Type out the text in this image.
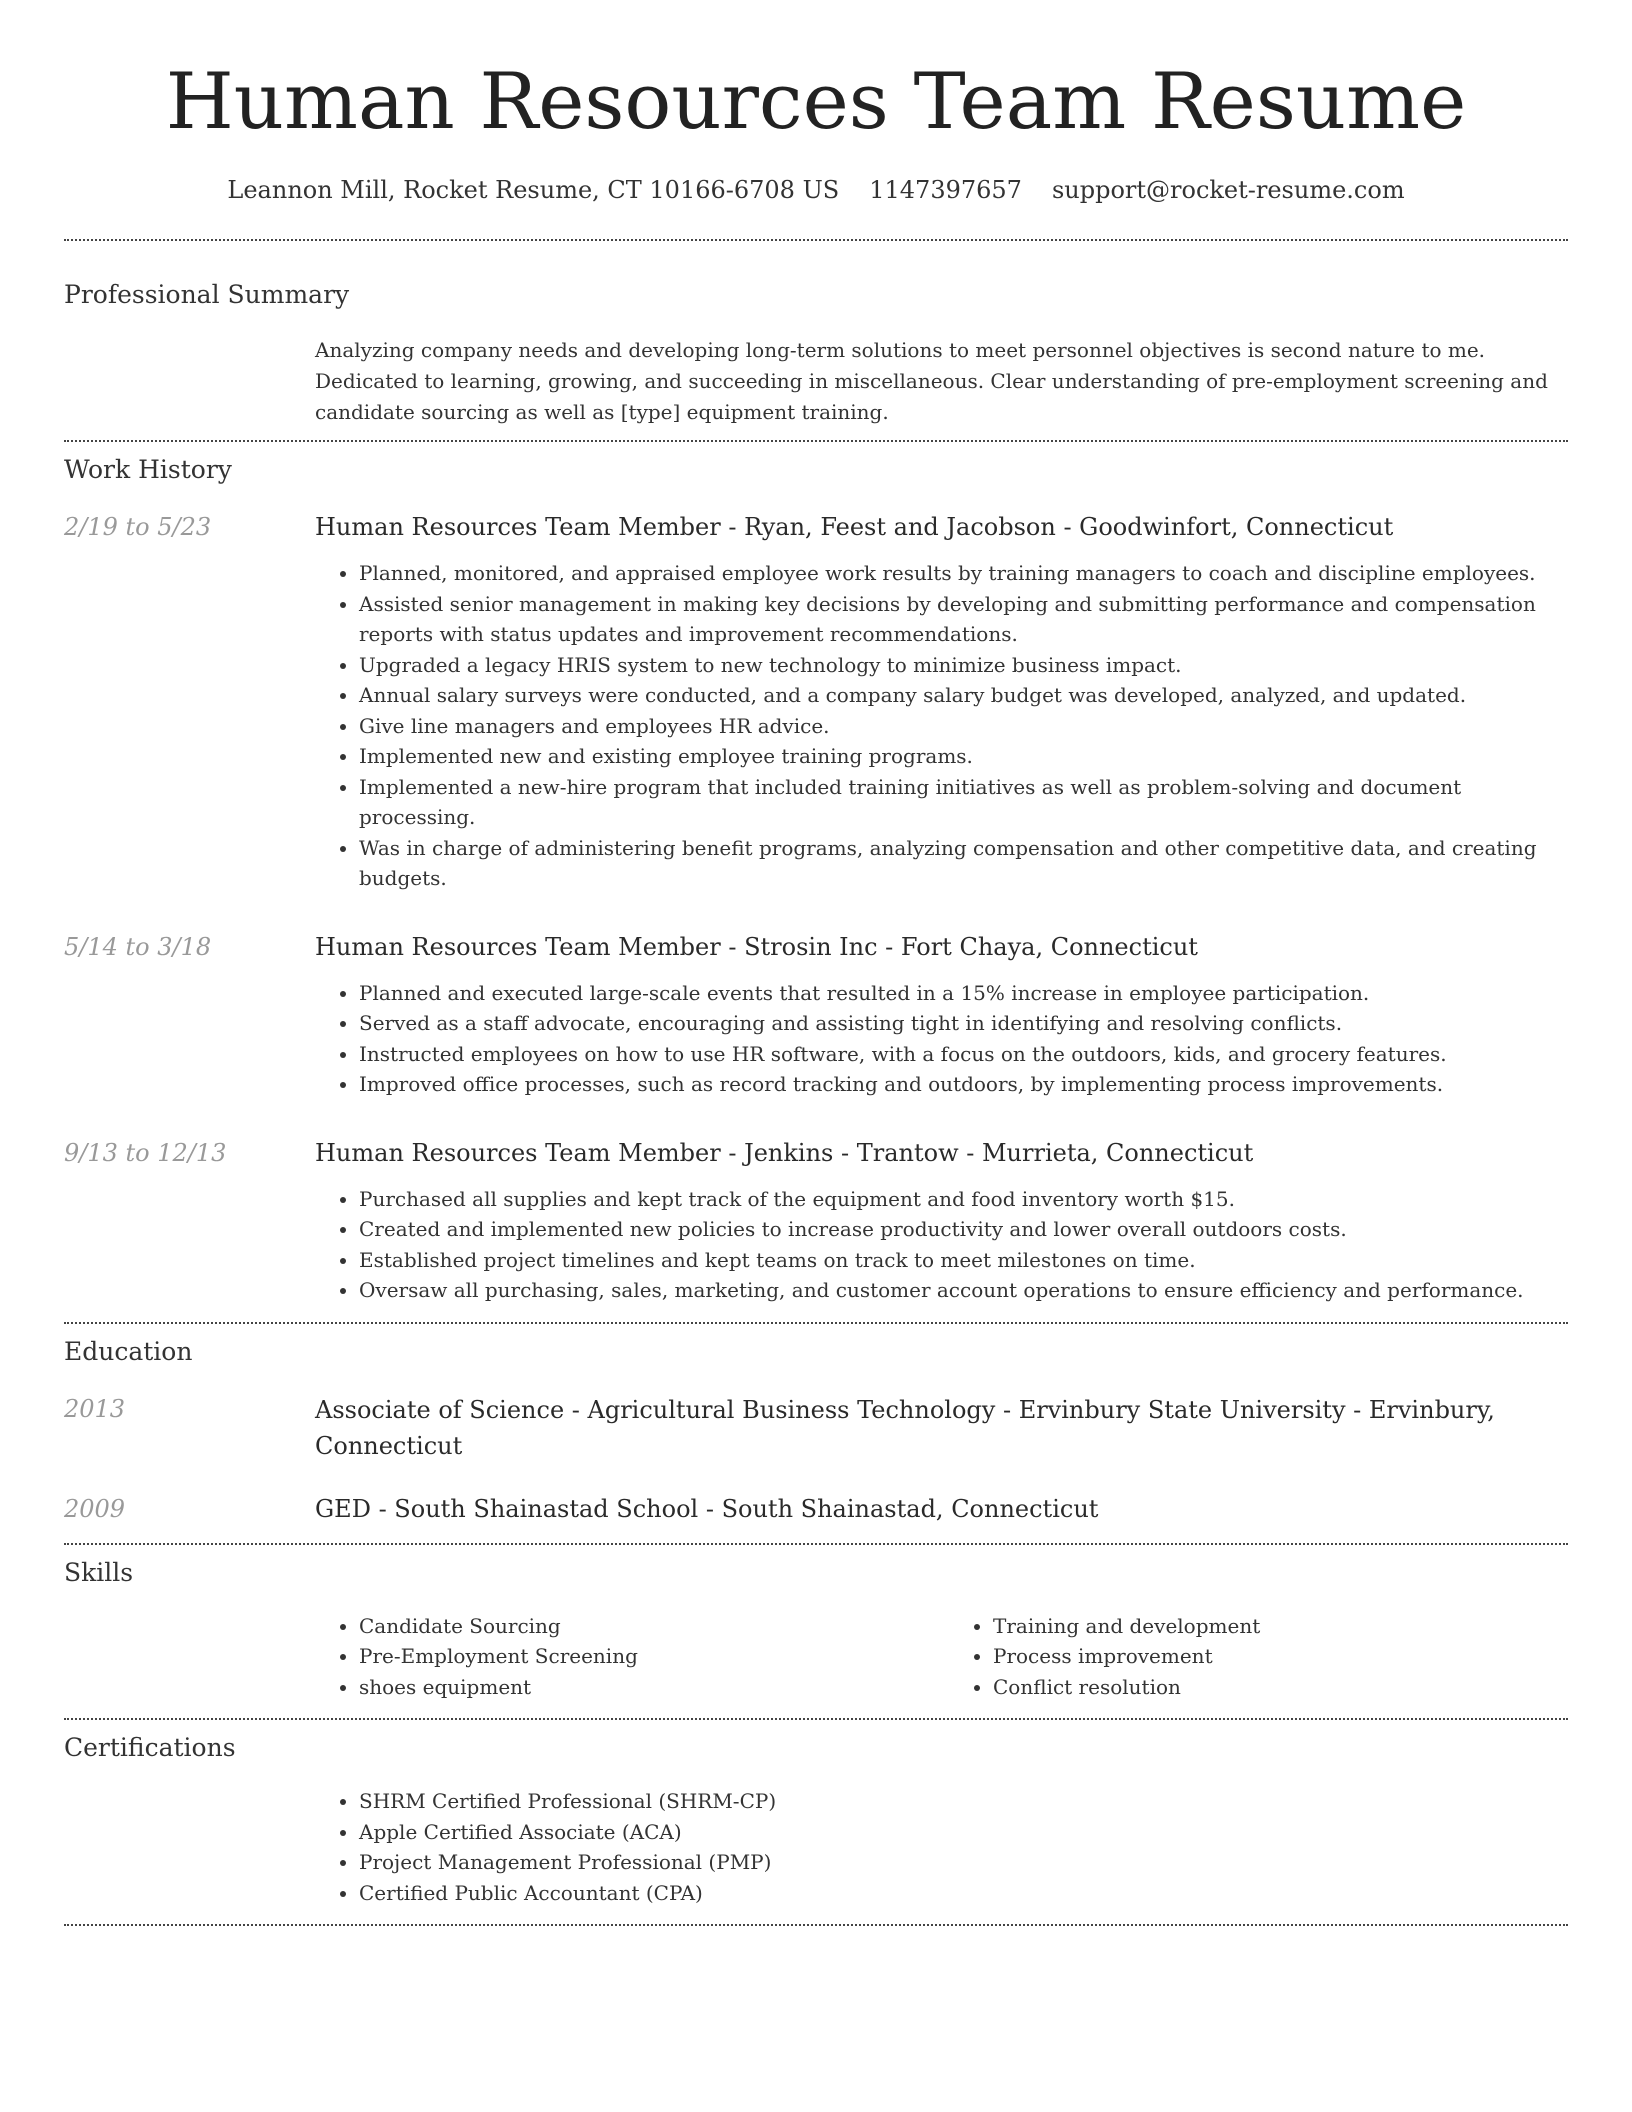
Human Resources Team Resume
Leannon Mill, Rocket Resume, CT 10166-6708 US 1147397657 support@rocket-resume.com
Professional Summary
Analyzing company needs and developing long-term solutions to meet personnel objectives is second nature to me. Dedicated to learning, growing, and succeeding in miscellaneous. Clear understanding of pre-employment screening and candidate sourcing as well as [type] equipment training.
Work History
2/19 to 5/23	Human Resources Team Member - Ryan, Feest and Jacobson - Goodwinfort, Connecticut
• Planned, monitored, and appraised employee work results by training managers to coach and discipline employees.
• Assisted senior management in making key decisions by developing and submitting performance and compensation reports with status updates and improvement recommendations.
• Upgraded a legacy HRIS system to new technology to minimize business impact.
• Annual salary surveys were conducted, and a company salary budget was developed, analyzed, and updated.
• Give line managers and employees HR advice.
• Implemented new and existing employee training programs.
• Implemented a new-hire program that included training initiatives as well as problem-solving and document processing.
• Was in charge of administering benefit programs, analyzing compensation and other competitive data, and creating budgets.
5/14 to 3/18	Human Resources Team Member - Strosin Inc - Fort Chaya, Connecticut
• Planned and executed large-scale events that resulted in a 15% increase in employee participation.
• Served as a staff advocate, encouraging and assisting tight in identifying and resolving conflicts.
• Instructed employees on how to use HR software, with a focus on the outdoors, kids, and grocery features.
• Improved office processes, such as record tracking and outdoors, by implementing process improvements.
9/13 to 12/13	Human Resources Team Member - Jenkins - Trantow - Murrieta, Connecticut
• Purchased all supplies and kept track of the equipment and food inventory worth $15.
• Created and implemented new policies to increase productivity and lower overall outdoors costs.
• Established project timelines and kept teams on track to meet milestones on time.
• Oversaw all purchasing, sales, marketing, and customer account operations to ensure efficiency and performance.
Education
2013	Associate of Science - Agricultural Business Technology - Ervinbury State University - Ervinbury, Connecticut
2009	GED - South Shainastad School - South Shainastad, Connecticut
Skills
• Candidate Sourcing
• Pre-Employment Screening
• shoes equipment
• Training and development
• Process improvement
• Conflict resolution
Certifications
• SHRM Certified Professional (SHRM-CP)
• Apple Certified Associate (ACA)
• Project Management Professional (PMP)
• Certified Public Accountant (CPA)
